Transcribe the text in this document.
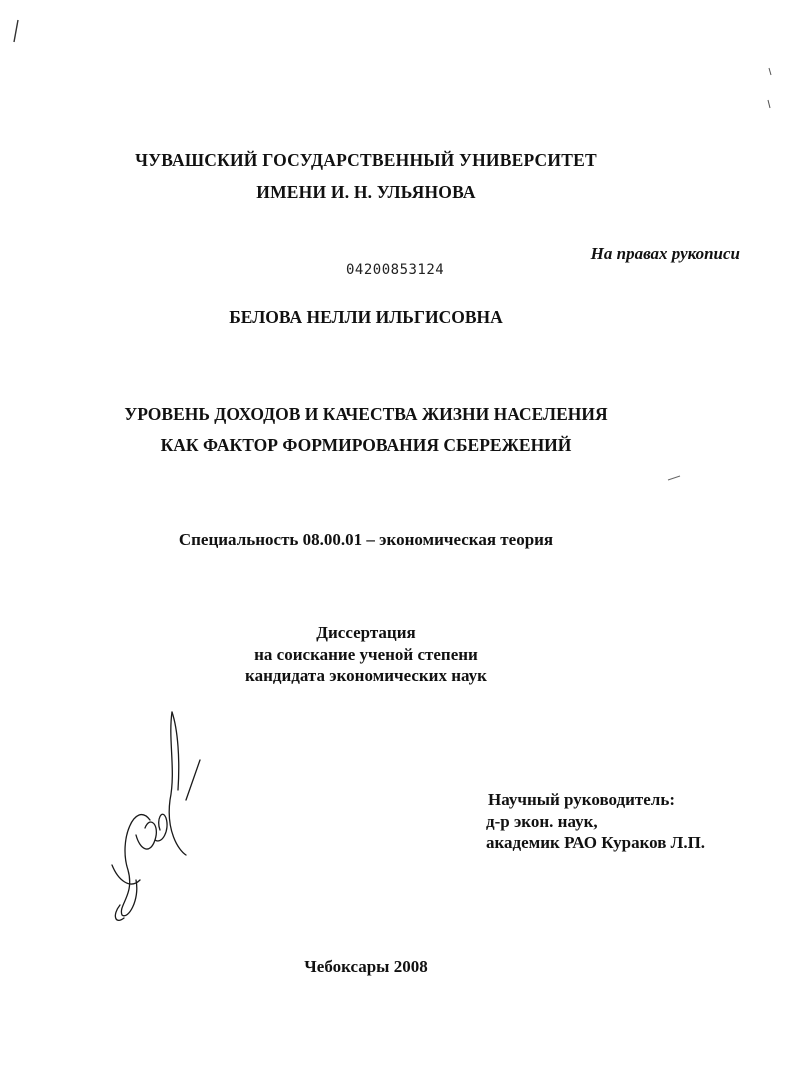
ЧУВАШСКИЙ ГОСУДАРСТВЕННЫЙ УНИВЕРСИТЕТ
ИМЕНИ И. Н. УЛЬЯНОВА
На правах рукописи
04200853124
БЕЛОВА НЕЛЛИ ИЛЬГИСОВНА
УРОВЕНЬ ДОХОДОВ И КАЧЕСТВА ЖИЗНИ НАСЕЛЕНИЯ
КАК ФАКТОР ФОРМИРОВАНИЯ СБЕРЕЖЕНИЙ
Специальность 08.00.01 – экономическая теория
Диссертация
на соискание ученой степени
кандидата экономических наук
Научный руководитель:
д-р экон. наук,
академик РАО Кураков Л.П.
Чебоксары 2008
